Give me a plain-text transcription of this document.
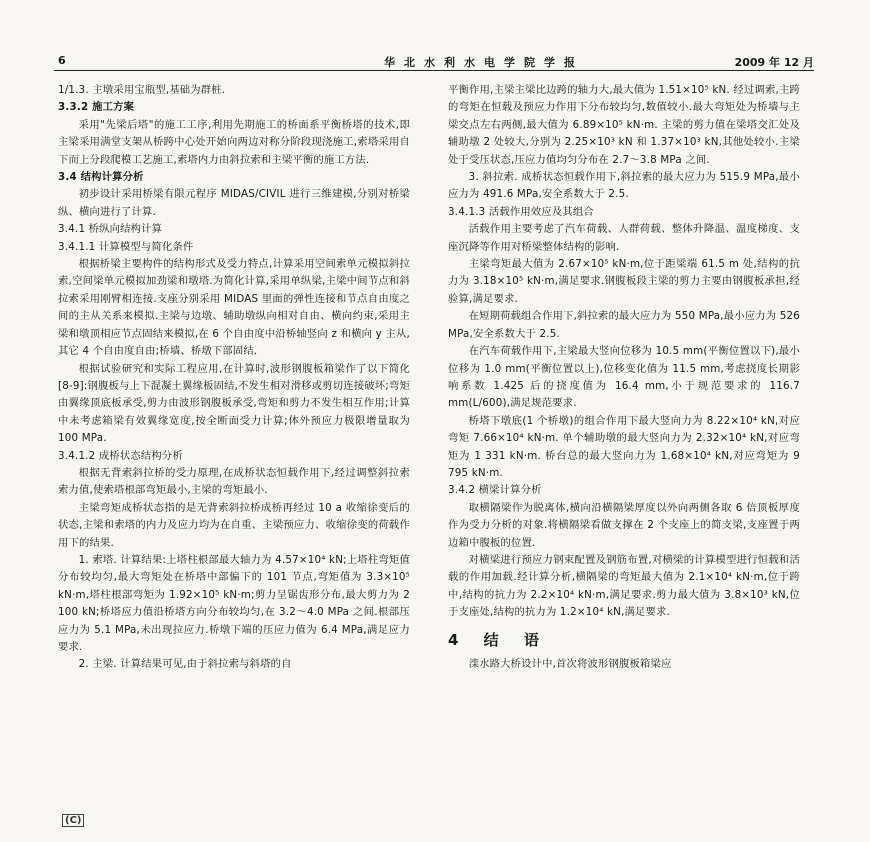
6	华北水利水电学院学报	2009 年 12 月

1/1.3. 主墩采用宝瓶型,基础为群桩.

3.3.2 施工方案

采用"先梁后塔"的施工工序,利用先期施工的桥面系平衡桥塔的技术,即主梁采用满堂支架从桥跨中心处开始向两边对称分阶段现浇施工,索塔采用自下而上分段爬模工艺施工,索塔内力由斜拉索和主梁平衡的施工方法.

3.4 结构计算分析

初步设计采用桥梁有限元程序 MIDAS/CIVIL 进行三维建模,分别对桥梁纵、横向进行了计算.

3.4.1 桥纵向结构计算
3.4.1.1 计算模型与简化条件

根据桥梁主要构件的结构形式及受力特点,计算采用空间索单元模拟斜拉索,空间梁单元模拟加劲梁和墩塔.为简化计算,采用单纵梁,主梁中间节点和斜拉索采用刚臂相连接.支座分别采用 MIDAS 里面的弹性连接和节点自由度之间的主从关系来模拟.主梁与边墩、辅助墩纵向相对自由、横向约束,采用主梁和墩顶相应节点固结来模拟,在 6 个自由度中沿桥轴竖向 z 和横向 y 主从,其它 4 个自由度自由;桥墙、桥墩下部固结.

根据试验研究和实际工程应用,在计算时,波形钢腹板箱梁作了以下简化[8-9]:钢腹板与上下混凝土翼缘板固结,不发生相对滑移或剪切连接破坏;弯矩由翼缘顶底板承受,剪力由波形钢腹板承受,弯矩和剪力不发生相互作用;计算中未考虑箱梁有效翼缘宽度,按全断面受力计算;体外预应力极限增量取为 100 MPa.

3.4.1.2 成桥状态结构分析

根据无背索斜拉桥的受力原理,在成桥状态恒载作用下,经过调整斜拉索索力值,使索塔根部弯矩最小,主梁的弯矩最小.

主梁弯矩成桥状态指的是无背索斜拉桥成桥再经过 10 a 收缩徐变后的状态,主梁和索塔的内力及应力均为在自重、主梁预应力、收缩徐变的荷载作用下的结果.

1. 索塔. 计算结果:上塔柱根部最大轴力为 4.57×10⁴ kN;上塔柱弯矩值分布较均匀,最大弯矩处在桥塔中部偏下的 101 节点,弯矩值为 3.3×10⁵ kN·m,塔柱根部弯矩为 1.92×10⁵ kN·m;剪力呈锯齿形分布,最大剪力为 2 100 kN;桥塔应力值沿桥塔方向分布较均匀,在 3.2～4.0 MPa 之间.根部压应力为 5.1 MPa,未出现拉应力.桥墩下端的压应力值为 6.4 MPa,满足应力要求.

2. 主梁. 计算结果可见,由于斜拉索与斜塔的自

平衡作用,主梁主梁比边跨的轴力大,最大值为 1.51×10⁵ kN. 经过调索,主跨的弯矩在恒载及预应力作用下分布较均匀,数值较小.最大弯矩处为桥墙与主梁交点左右两侧,最大值为 6.89×10⁵ kN·m. 主梁的剪力值在梁塔交汇处及辅助墩 2 处较大,分别为 2.25×10³ kN 和 1.37×10³ kN,其他处较小.主梁处于受压状态,压应力值均匀分布在 2.7～3.8 MPa 之间.

3. 斜拉索. 成桥状态恒载作用下,斜拉索的最大应力为 515.9 MPa,最小应力为 491.6 MPa,安全系数大于 2.5.

3.4.1.3 活载作用效应及其组合

活载作用主要考虑了汽车荷载、人群荷载、整体升降温、温度梯度、支座沉降等作用对桥梁整体结构的影响.

主梁弯矩最大值为 2.67×10⁵ kN·m,位于距梁端 61.5 m 处,结构的抗力为 3.18×10⁵ kN·m,满足要求.钢腹板段主梁的剪力主要由钢腹板承担,经验算,满足要求.

在短期荷载组合作用下,斜拉索的最大应力为 550 MPa,最小应力为 526 MPa,安全系数大于 2.5.

在汽车荷载作用下,主梁最大竖向位移为 10.5 mm(平衡位置以下),最小位移为 1.0 mm(平衡位置以上),位移变化值为 11.5 mm,考虑挠度长期影响系数 1.425 后的挠度值为 16.4 mm,小于规范要求的 116.7 mm(L/600),满足规范要求.

桥塔下墩底(1 个桥墩)的组合作用下最大竖向力为 8.22×10⁴ kN,对应弯矩 7.66×10⁴ kN·m. 单个辅助墩的最大竖向力为 2.32×10⁴ kN,对应弯矩为 1 331 kN·m. 桥台总的最大竖向力为 1.68×10⁴ kN,对应弯矩为 9 795 kN·m.

3.4.2 横梁计算分析

取横隔梁作为脱离体,横向沿横隔梁厚度以外向两侧各取 6 倍顶板厚度作为受力分析的对象.将横隔梁看做支撑在 2 个支座上的简支梁,支座置于两边箱中腹板的位置.

对横梁进行预应力钢束配置及钢筋布置,对横梁的计算模型进行恒载和活载的作用加载.经计算分析,横隔梁的弯矩最大值为 2.1×10⁴ kN·m,位于跨中,结构的抗力为 2.2×10⁴ kN·m,满足要求.剪力最大值为 3.8×10³ kN,位于支座处,结构的抗力为 1.2×10⁴ kN,满足要求.

4 结 语

滦水路大桥设计中,首次将波形钢腹板箱梁应

(C)
